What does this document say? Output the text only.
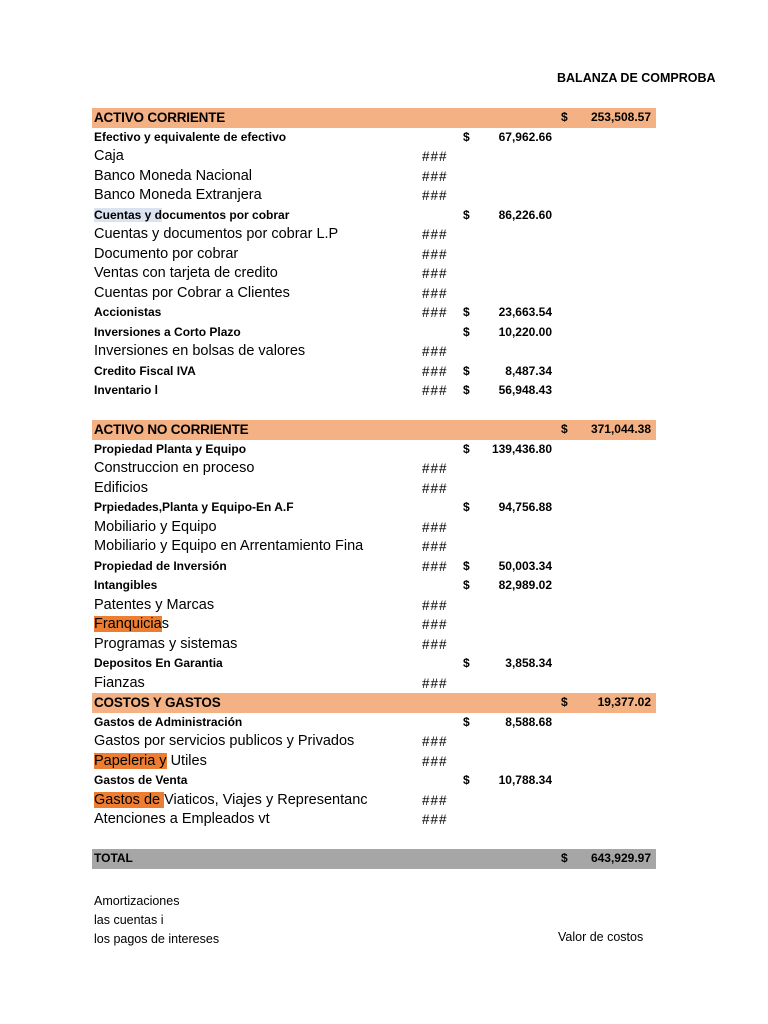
BALANZA DE COMPROBA
ACTIVO CORRIENTE	$ 253,508.57
Efectivo y equivalente de efectivo	$ 67,962.66
Caja	###
Banco Moneda Nacional	###
Banco Moneda Extranjera	###
Cuentas y documentos por cobrar	$ 86,226.60
Cuentas y documentos por cobrar L.P	###
Documento por cobrar	###
Ventas con tarjeta de credito	###
Cuentas por Cobrar a Clientes	###
Accionistas	### $ 23,663.54
Inversiones a Corto Plazo	$ 10,220.00
Inversiones en bolsas de valores	###
Credito Fiscal IVA	### $	8,487.34
Inventario l	### $ 56,948.43
ACTIVO NO CORRIENTE	$ 371,044.38
Propiedad Planta y Equipo	$ 139,436.80
Construccion en proceso	###
Edificios	###
Prpiedades,Planta y Equipo-En A.F	$ 94,756.88
Mobiliario y Equipo	###
Mobiliario y Equipo en Arrentamiento Fina	###
Propiedad de Inversión	### $ 50,003.34
Intangibles	$ 82,989.02
Patentes y Marcas	###
Franquicias	###
Programas y sistemas	###
Depositos En Garantia	$	3,858.34
Fianzas	###
COSTOS Y GASTOS	$ 19,377.02
Gastos de Administración	$	8,588.68
Gastos por servicios publicos y Privados	###
Papeleria y Utiles	###
Gastos de Venta	$ 10,788.34
Gastos de Viaticos, Viajes y Representanc	###
Atenciones a Empleados vt	###
TOTAL	$ 643,929.97
Amortizaciones
las cuentas i
los pagos de intereses	Valor de costos
